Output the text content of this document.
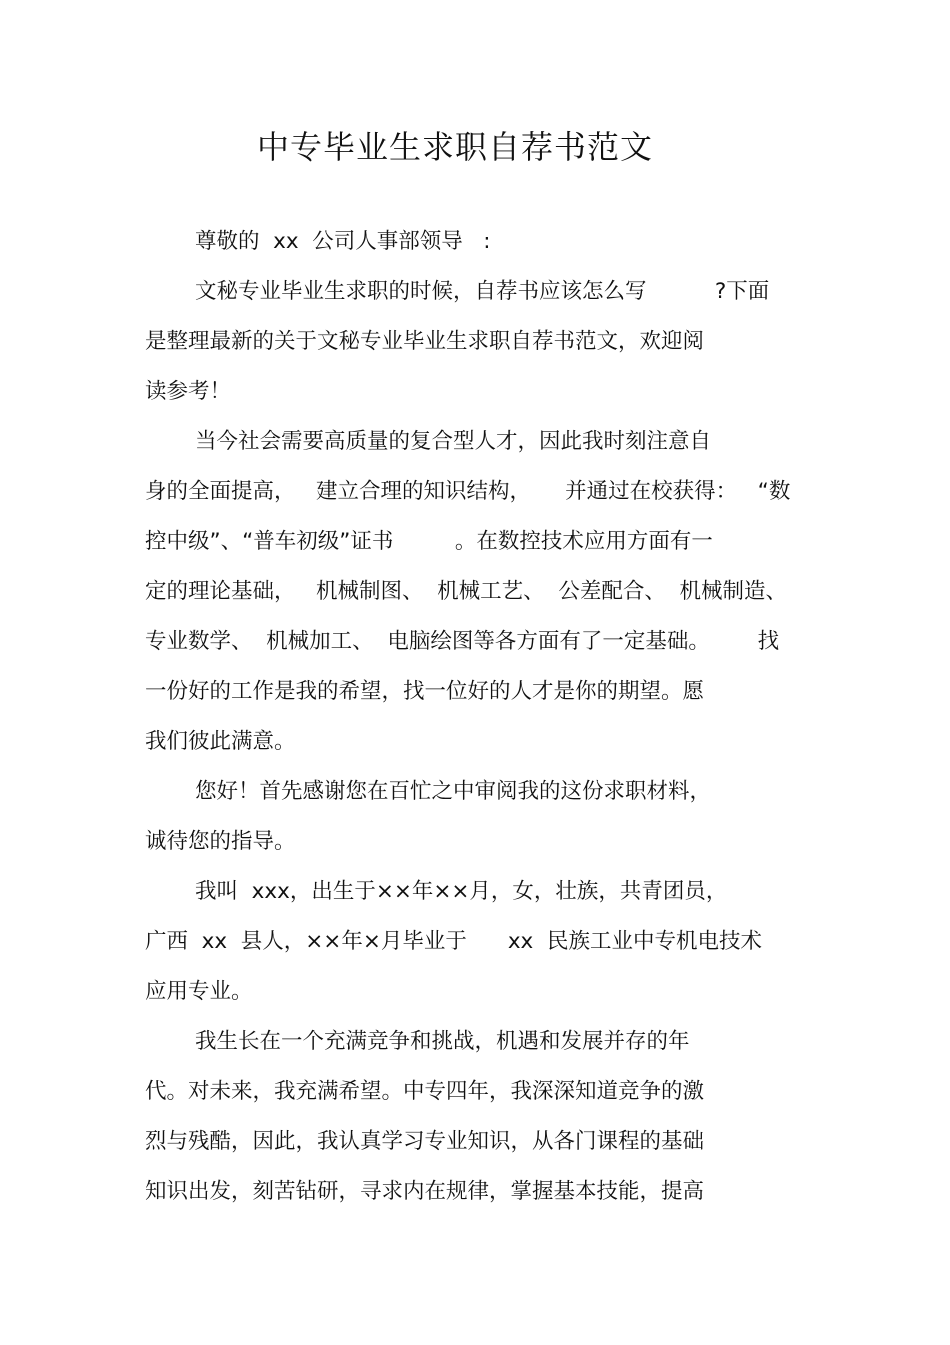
中专毕业生求职自荐书范文

尊敬的  xx  公司人事部领导   :

文秘专业毕业生求职的时候，自荐书应该怎么写          ?下面

是整理最新的关于文秘专业毕业生求职自荐书范文，欢迎阅

读参考！

当今社会需要高质量的复合型人才，因此我时刻注意自

身的全面提高，   建立合理的知识结构，     并通过在校获得：   “数

控中级”、“普车初级”证书         。在数控技术应用方面有一

定的理论基础，   机械制图、  机械工艺、  公差配合、  机械制造、

专业数学、  机械加工、  电脑绘图等各方面有了一定基础。       找

一份好的工作是我的希望，找一位好的人才是你的期望。愿

我们彼此满意。

您好！首先感谢您在百忙之中审阅我的这份求职材料，

诚待您的指导。

我叫  xxx，出生于××年××月，女，壮族，共青团员，

广西  xx  县人，××年×月毕业于      xx  民族工业中专机电技术

应用专业。

我生长在一个充满竞争和挑战，机遇和发展并存的年

代。对未来，我充满希望。中专四年，我深深知道竞争的激

烈与残酷，因此，我认真学习专业知识，从各门课程的基础

知识出发，刻苦钻研，寻求内在规律，掌握基本技能，提高
